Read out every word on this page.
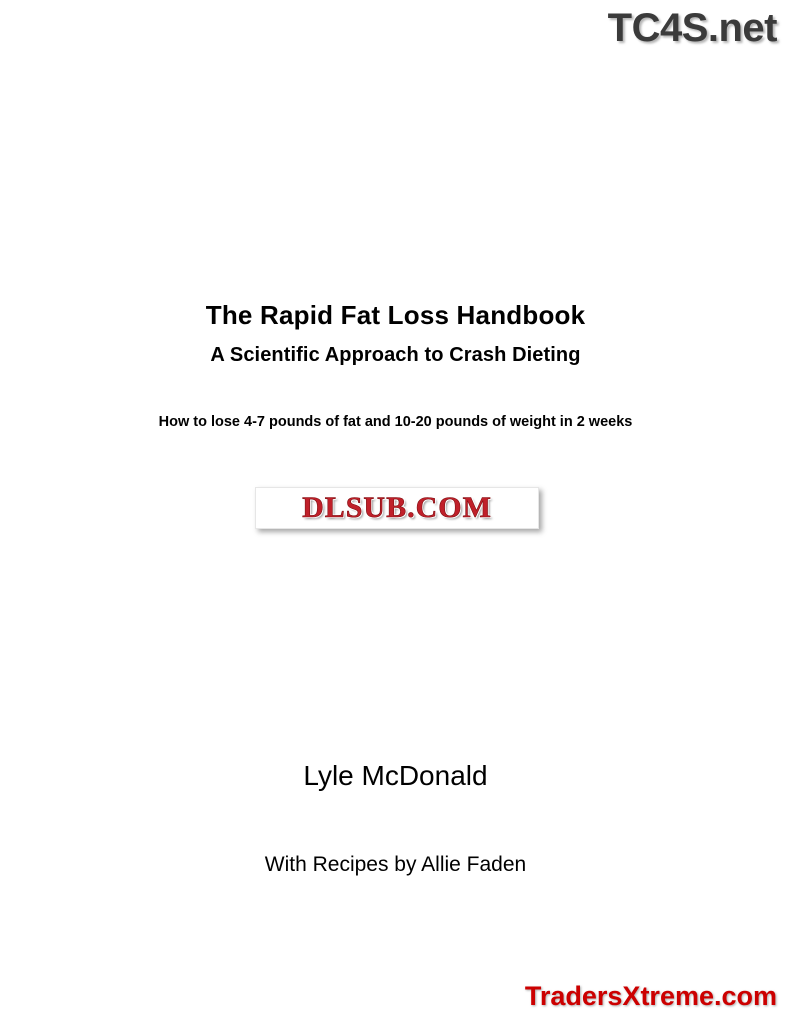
TC4S.net
The Rapid Fat Loss Handbook
A Scientific Approach to Crash Dieting
How to lose 4-7 pounds of fat and 10-20 pounds of weight in 2 weeks
DLSUB.COM
Lyle McDonald
With Recipes by Allie Faden
TradersXtreme.com
